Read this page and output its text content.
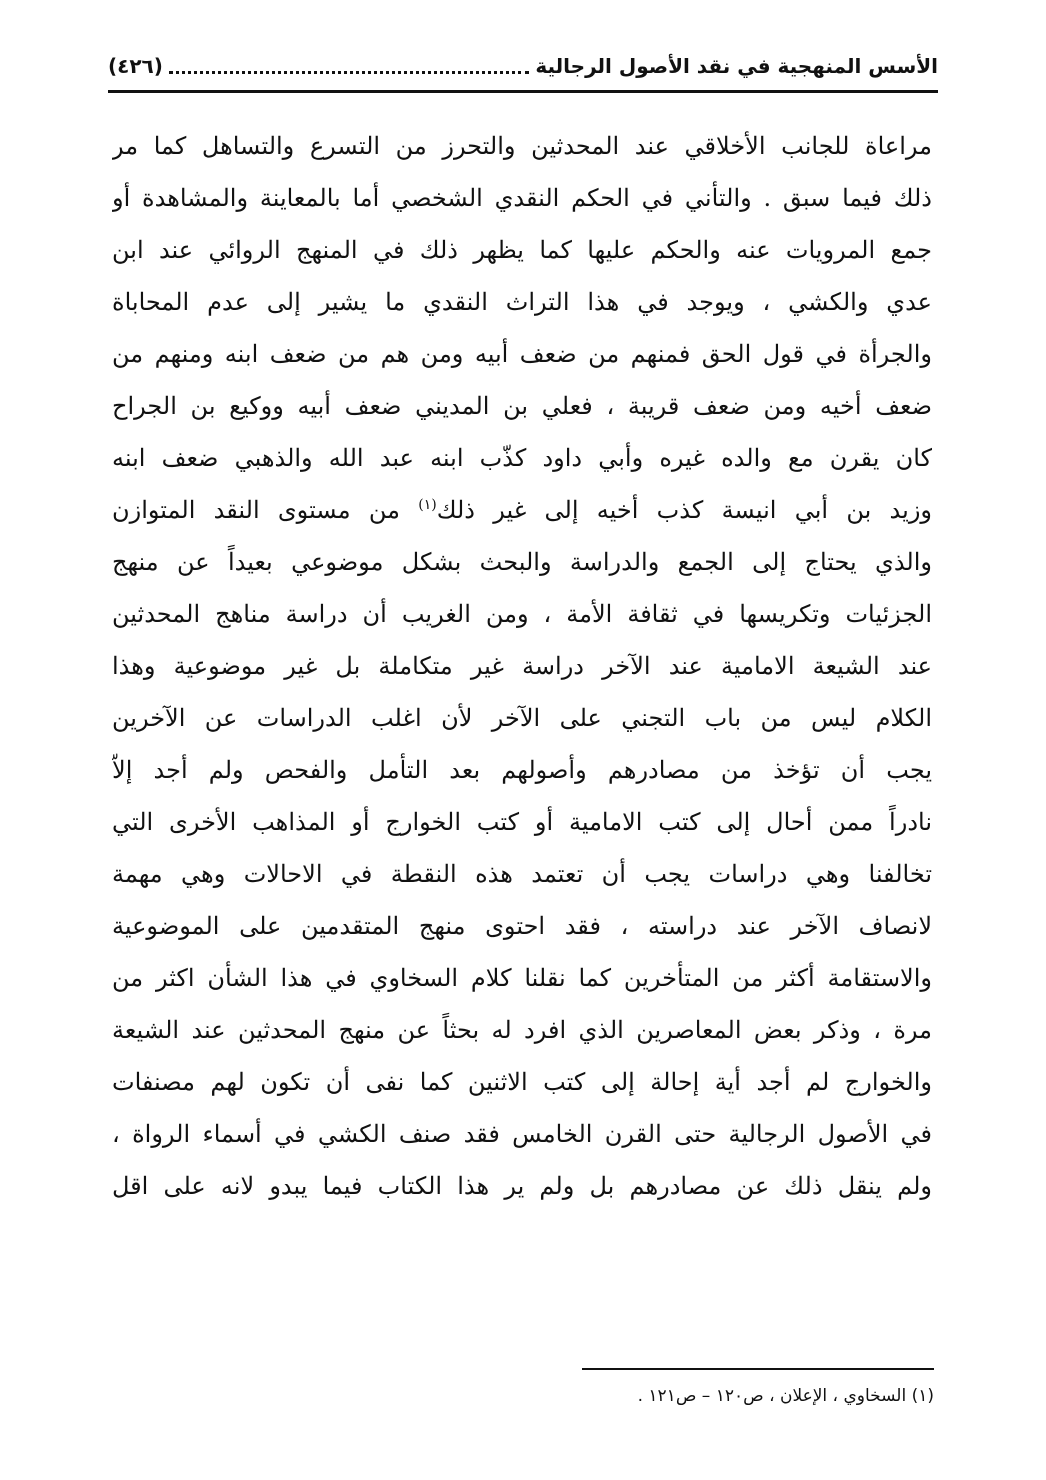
الأسس المنهجية في نقد الأصول الرجالية
(٤٢٦)
مراعاة للجانب الأخلاقي عند المحدثين والتحرز من التسرع والتساهل كما مر
ذلك فيما سبق . والتأني في الحكم النقدي الشخصي أما بالمعاينة والمشاهدة أو
جمع المرويات عنه والحكم عليها كما يظهر ذلك في المنهج الروائي عند ابن
عدي والكشي ، ويوجد في هذا التراث النقدي ما يشير إلى عدم المحاباة
والجرأة في قول الحق فمنهم من ضعف أبيه ومن هم من ضعف ابنه ومنهم من
ضعف أخيه ومن ضعف قريبة ، فعلي بن المديني ضعف أبيه ووكيع بن الجراح
كان يقرن مع والده غيره وأبي داود كذّب ابنه عبد الله والذهبي ضعف ابنه
وزيد بن أبي انيسة كذب أخيه إلى غير ذلك$^{(١)}$ من مستوى النقد المتوازن
والذي يحتاج إلى الجمع والدراسة والبحث بشكل موضوعي بعيداً عن منهج
الجزئيات وتكريسها في ثقافة الأمة ، ومن الغريب أن دراسة مناهج المحدثين
عند الشيعة الامامية عند الآخر دراسة غير متكاملة بل غير موضوعية وهذا
الكلام ليس من باب التجني على الآخر لأن اغلب الدراسات عن الآخرين
يجب أن تؤخذ من مصادرهم وأصولهم بعد التأمل والفحص ولم أجد إلاّ
نادراً ممن أحال إلى كتب الامامية أو كتب الخوارج أو المذاهب الأخرى التي
تخالفنا وهي دراسات يجب أن تعتمد هذه النقطة في الاحالات وهي مهمة
لانصاف الآخر عند دراسته ، فقد احتوى منهج المتقدمين على الموضوعية
والاستقامة أكثر من المتأخرين كما نقلنا كلام السخاوي في هذا الشأن اكثر من
مرة ، وذكر بعض المعاصرين الذي افرد له بحثاً عن منهج المحدثين عند الشيعة
والخوارج لم أجد أية إحالة إلى كتب الاثنين كما نفى أن تكون لهم مصنفات
في الأصول الرجالية حتى القرن الخامس فقد صنف الكشي في أسماء الرواة ،
ولم ينقل ذلك عن مصادرهم بل ولم ير هذا الكتاب فيما يبدو لانه على اقل
(١) السخاوي ، الإعلان ، ص١٢٠ – ص١٢١ .
